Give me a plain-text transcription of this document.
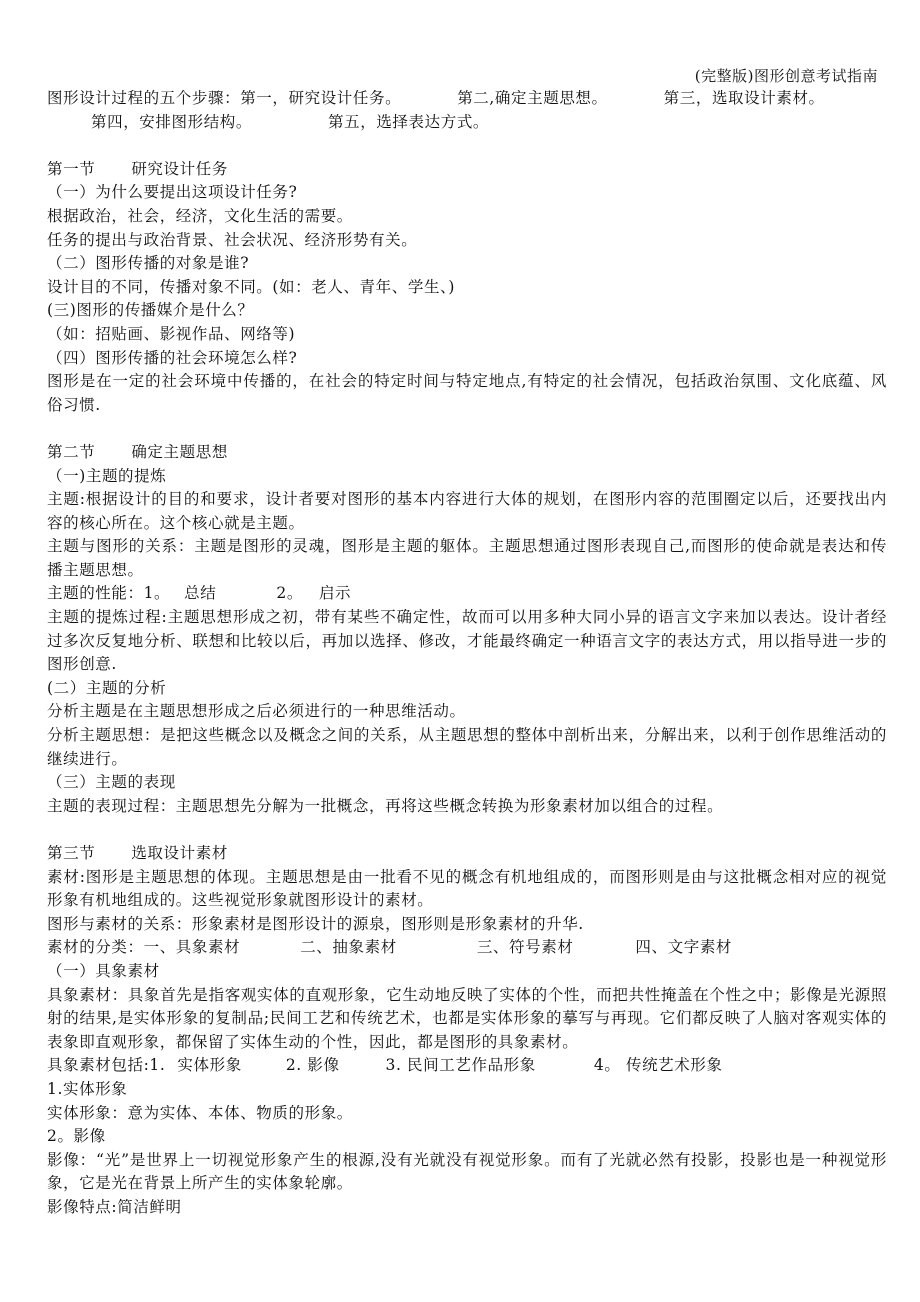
(完整版)图形创意考试指南
图形设计过程的五个步骤：第一，研究设计任务。	第二,确定主题思想。	第三，选取设计素材。
第四，安排图形结构。	第五，选择表达方式。
第一节 研究设计任务
（一）为什么要提出这项设计任务?
根据政治，社会，经济，文化生活的需要。
任务的提出与政治背景、社会状况、经济形势有关。
（二）图形传播的对象是谁?
设计目的不同，传播对象不同。(如：老人、青年、学生、)
(三)图形的传播媒介是什么？
（如：招贴画、影视作品、网络等)
（四）图形传播的社会环境怎么样?
图形是在一定的社会环境中传播的，在社会的特定时间与特定地点,有特定的社会情况，包括政治氛围、文化底蕴、风俗习惯.
第二节 确定主题思想
（一)主题的提炼
主题:根据设计的目的和要求，设计者要对图形的基本内容进行大体的规划，在图形内容的范围圈定以后，还要找出内容的核心所在。这个核心就是主题。
主题与图形的关系：主题是图形的灵魂，图形是主题的躯体。主题思想通过图形表现自己,而图形的使命就是表达和传播主题思想。
主题的性能：1。 总结	2。 启示
主题的提炼过程:主题思想形成之初，带有某些不确定性，故而可以用多种大同小异的语言文字来加以表达。设计者经过多次反复地分析、联想和比较以后，再加以选择、修改，才能最终确定一种语言文字的表达方式，用以指导进一步的图形创意.
(二）主题的分析
分析主题是在主题思想形成之后必须进行的一种思维活动。
分析主题思想：是把这些概念以及概念之间的关系，从主题思想的整体中剖析出来，分解出来，以利于创作思维活动的继续进行。
（三）主题的表现
主题的表现过程：主题思想先分解为一批概念，再将这些概念转换为形象素材加以组合的过程。
第三节 选取设计素材
素材:图形是主题思想的体现。主题思想是由一批看不见的概念有机地组成的，而图形则是由与这批概念相对应的视觉形象有机地组成的。这些视觉形象就图形设计的素材。
图形与素材的关系：形象素材是图形设计的源泉，图形则是形象素材的升华.
素材的分类：一、具象素材	二、抽象素材	三、符号素材	四、文字素材
（一）具象素材
具象素材：具象首先是指客观实体的直观形象，它生动地反映了实体的个性，而把共性掩盖在个性之中；影像是光源照射的结果,是实体形象的复制品;民间工艺和传统艺术，也都是实体形象的摹写与再现。它们都反映了人脑对客观实体的表象即直观形象，都保留了实体生动的个性，因此，都是图形的具象素材。
具象素材包括:1. 实体形象	2. 影像	3. 民间工艺作品形象	4。 传统艺术形象
1.实体形象
实体形象：意为实体、本体、物质的形象。
2。影像
影像：“光”是世界上一切视觉形象产生的根源,没有光就没有视觉形象。而有了光就必然有投影，投影也是一种视觉形象，它是光在背景上所产生的实体象轮廓。
影像特点:简洁鲜明
